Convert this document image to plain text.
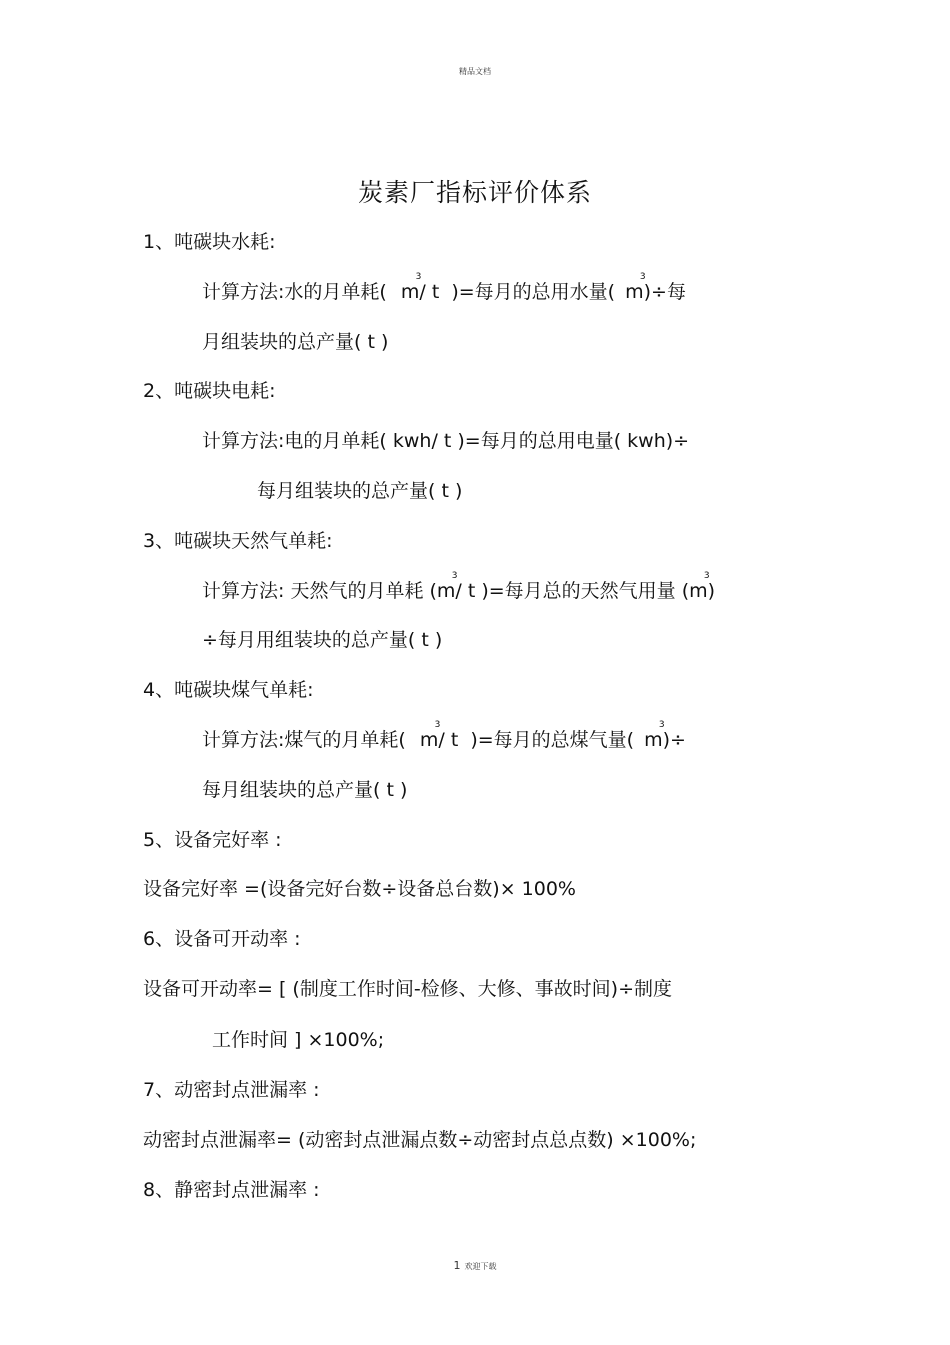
精品文档
炭素厂指标评价体系
1、吨碳块水耗:
计算方法:水的月单耗( m
3
/ t )=每月的总用水量( m
3
)÷每
月组装块的总产量( t )
2、吨碳块电耗:
计算方法:电的月单耗( kwh/ t )=每月的总用电量( kwh)÷
每月组装块的总产量( t )
3、吨碳块天然气单耗:
计算方法: 天然气的月单耗 (m
3
/ t )=每月总的天然气用量 (m
3
)
÷每月用组装块的总产量( t )
4、吨碳块煤气单耗:
计算方法:煤气的月单耗( m
3
/ t )=每月的总煤气量( m
3
)÷
每月组装块的总产量( t )
5、设备完好率 :
设备完好率 =(设备完好台数÷设备总台数)× 100%
6、设备可开动率 :
设备可开动率= [ (制度工作时间-检修、大修、事故时间)÷制度
工作时间 ] ×100%;
7、动密封点泄漏率 :
动密封点泄漏率= (动密封点泄漏点数÷动密封点总点数) ×100%;
8、静密封点泄漏率 :
1 欢迎下载
